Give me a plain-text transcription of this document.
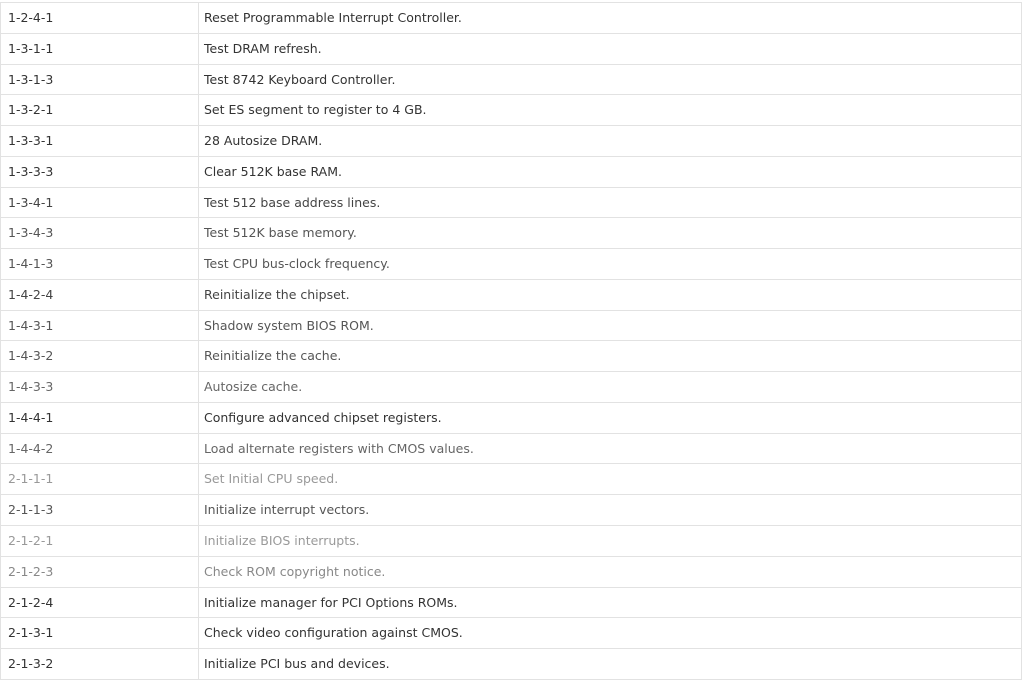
1-2-4-1	Reset Programmable Interrupt Controller.
1-3-1-1	Test DRAM refresh.
1-3-1-3	Test 8742 Keyboard Controller.
1-3-2-1	Set ES segment to register to 4 GB.
1-3-3-1	28 Autosize DRAM.
1-3-3-3	Clear 512K base RAM.
1-3-4-1	Test 512 base address lines.
1-3-4-3	Test 512K base memory.
1-4-1-3	Test CPU bus-clock frequency.
1-4-2-4	Reinitialize the chipset.
1-4-3-1	Shadow system BIOS ROM.
1-4-3-2	Reinitialize the cache.
1-4-3-3	Autosize cache.
1-4-4-1	Configure advanced chipset registers.
1-4-4-2	Load alternate registers with CMOS values.
2-1-1-1	Set Initial CPU speed.
2-1-1-3	Initialize interrupt vectors.
2-1-2-1	Initialize BIOS interrupts.
2-1-2-3	Check ROM copyright notice.
2-1-2-4	Initialize manager for PCI Options ROMs.
2-1-3-1	Check video configuration against CMOS.
2-1-3-2	Initialize PCI bus and devices.
